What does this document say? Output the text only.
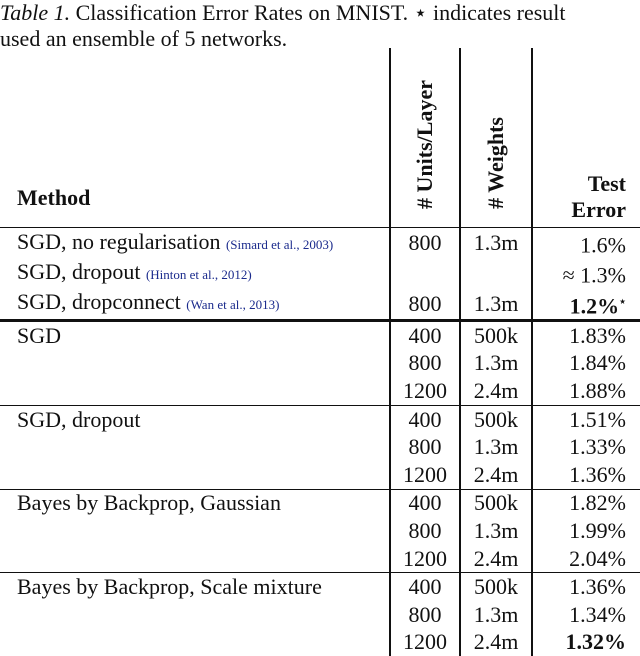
Table 1. Classification Error Rates on MNIST. ⋆ indicates result
used an ensemble of 5 networks.
Method	# Units/Layer	# Weights	Test
Error
SGD, no regularisation (Simard et al., 2003)	800	1.3m	1.6%
SGD, dropout (Hinton et al., 2012)			≈ 1.3%
SGD, dropconnect (Wan et al., 2013)	800	1.3m	1.2%⋆
SGD	400	500k	1.83%
	800	1.3m	1.84%
	1200	2.4m	1.88%
SGD, dropout	400	500k	1.51%
	800	1.3m	1.33%
	1200	2.4m	1.36%
Bayes by Backprop, Gaussian	400	500k	1.82%
	800	1.3m	1.99%
	1200	2.4m	2.04%
Bayes by Backprop, Scale mixture	400	500k	1.36%
	800	1.3m	1.34%
	1200	2.4m	1.32%
